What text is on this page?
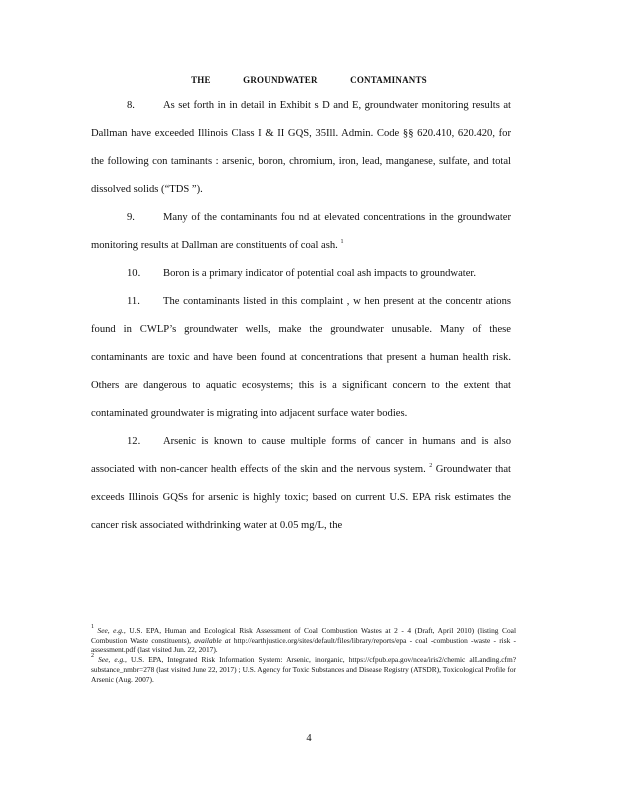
THE GROUNDWATER CONTAMINANTS

8.	As set forth in in detail in Exhibit s D and E, groundwater monitoring results at Dallman have exceeded Illinois Class I & II GQS, 35Ill. Admin. Code §§ 620.410, 620.420, for the following con taminants : arsenic, boron, chromium, iron, lead, manganese, sulfate, and total dissolved solids (“TDS ”).

9.	Many of the contaminants fou nd at elevated concentrations in the groundwater monitoring results at Dallman are constituents of coal ash. $^1$

10. Boron is a primary indicator of potential coal ash impacts to groundwater.

11. The contaminants listed in this complaint , w hen present at the concentr ations found in CWLP’s groundwater wells, make the groundwater unusable. Many of these contaminants are toxic and have been found at concentrations that present a human health risk. Others are dangerous to aquatic ecosystems; this is a significant concern to the extent that contaminated groundwater is migrating into adjacent surface water bodies.

12. Arsenic is known to cause multiple forms of cancer in humans and is also associated with non-cancer health effects of the skin and the nervous system. $^2$ Groundwater that exceeds Illinois GQSs for arsenic is highly toxic; based on current U.S. EPA risk estimates the cancer risk associated withdrinking water at 0.05 mg/L, the

$^1$ See, e.g., U.S. EPA, Human and Ecological Risk Assessment of Coal Combustion Wastes at 2 - 4 (Draft, April 2010) (listing Coal Combustion Waste constituents), available at http://earthjustice.org/sites/default/files/library/reports/epa - coal -combustion -waste - risk -assessment.pdf (last visited Jun. 22, 2017).

$^2$ See, e.g., U.S. EPA, Integrated Risk Information System: Arsenic, inorganic, https://cfpub.epa.gov/ncea/iris2/chemic alLanding.cfm?substance_nmbr=278 (last visited June 22, 2017) ; U.S. Agency for Toxic Substances and Disease Registry (ATSDR), Toxicological Profile for Arsenic (Aug. 2007).

4
